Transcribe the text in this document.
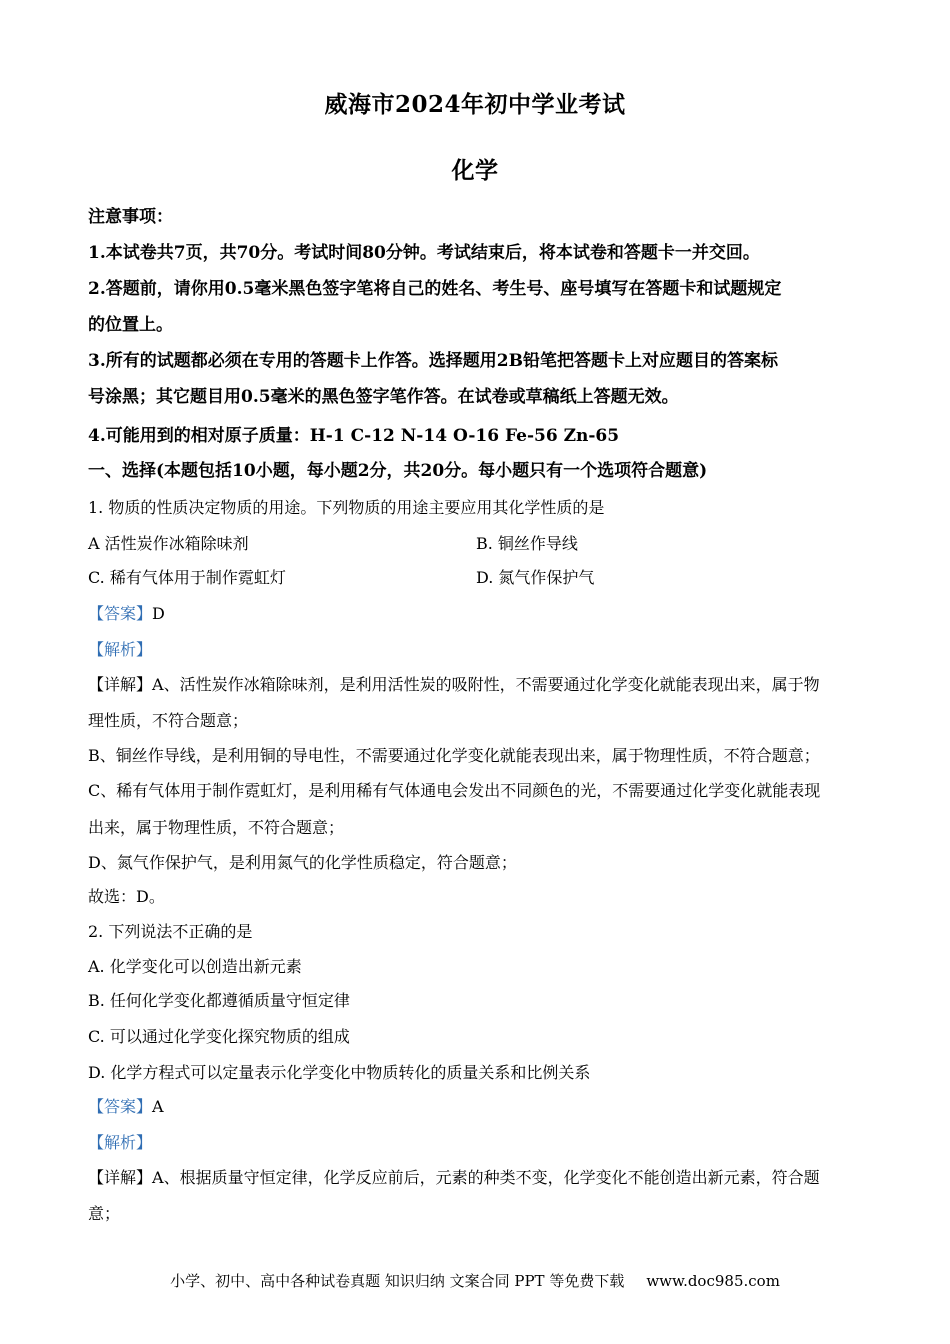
威海市2024年初中学业考试
化学
注意事项：
1.本试卷共7页，共70分。考试时间80分钟。考试结束后，将本试卷和答题卡一并交回。
2.答题前，请你用0.5毫米黑色签字笔将自己的姓名、考生号、座号填写在答题卡和试题规定
的位置上。
3.所有的试题都必须在专用的答题卡上作答。选择题用2B铅笔把答题卡上对应题目的答案标
号涂黑；其它题目用0.5毫米的黑色签字笔作答。在试卷或草稿纸上答题无效。
4.可能用到的相对原子质量：H-1 C-12 N-14 O-16 Fe-56 Zn-65
一、选择(本题包括10小题，每小题2分，共20分。每小题只有一个选项符合题意)
1. 物质的性质决定物质的用途。下列物质的用途主要应用其化学性质的是
A 活性炭作冰箱除味剂	B. 铜丝作导线
C. 稀有气体用于制作霓虹灯	D. 氮气作保护气
【答案】D
【解析】
【详解】A、活性炭作冰箱除味剂，是利用活性炭的吸附性，不需要通过化学变化就能表现出来，属于物
理性质，不符合题意；
B、铜丝作导线，是利用铜的导电性，不需要通过化学变化就能表现出来，属于物理性质，不符合题意；
C、稀有气体用于制作霓虹灯，是利用稀有气体通电会发出不同颜色的光，不需要通过化学变化就能表现
出来，属于物理性质，不符合题意；
D、氮气作保护气，是利用氮气的化学性质稳定，符合题意；
故选：D。
2. 下列说法不正确的是
A. 化学变化可以创造出新元素
B. 任何化学变化都遵循质量守恒定律
C. 可以通过化学变化探究物质的组成
D. 化学方程式可以定量表示化学变化中物质转化的质量关系和比例关系
【答案】A
【解析】
【详解】A、根据质量守恒定律，化学反应前后，元素的种类不变，化学变化不能创造出新元素，符合题
意；
小学、初中、高中各种试卷真题 知识归纳 文案合同 PPT 等免费下载 www.doc985.com
